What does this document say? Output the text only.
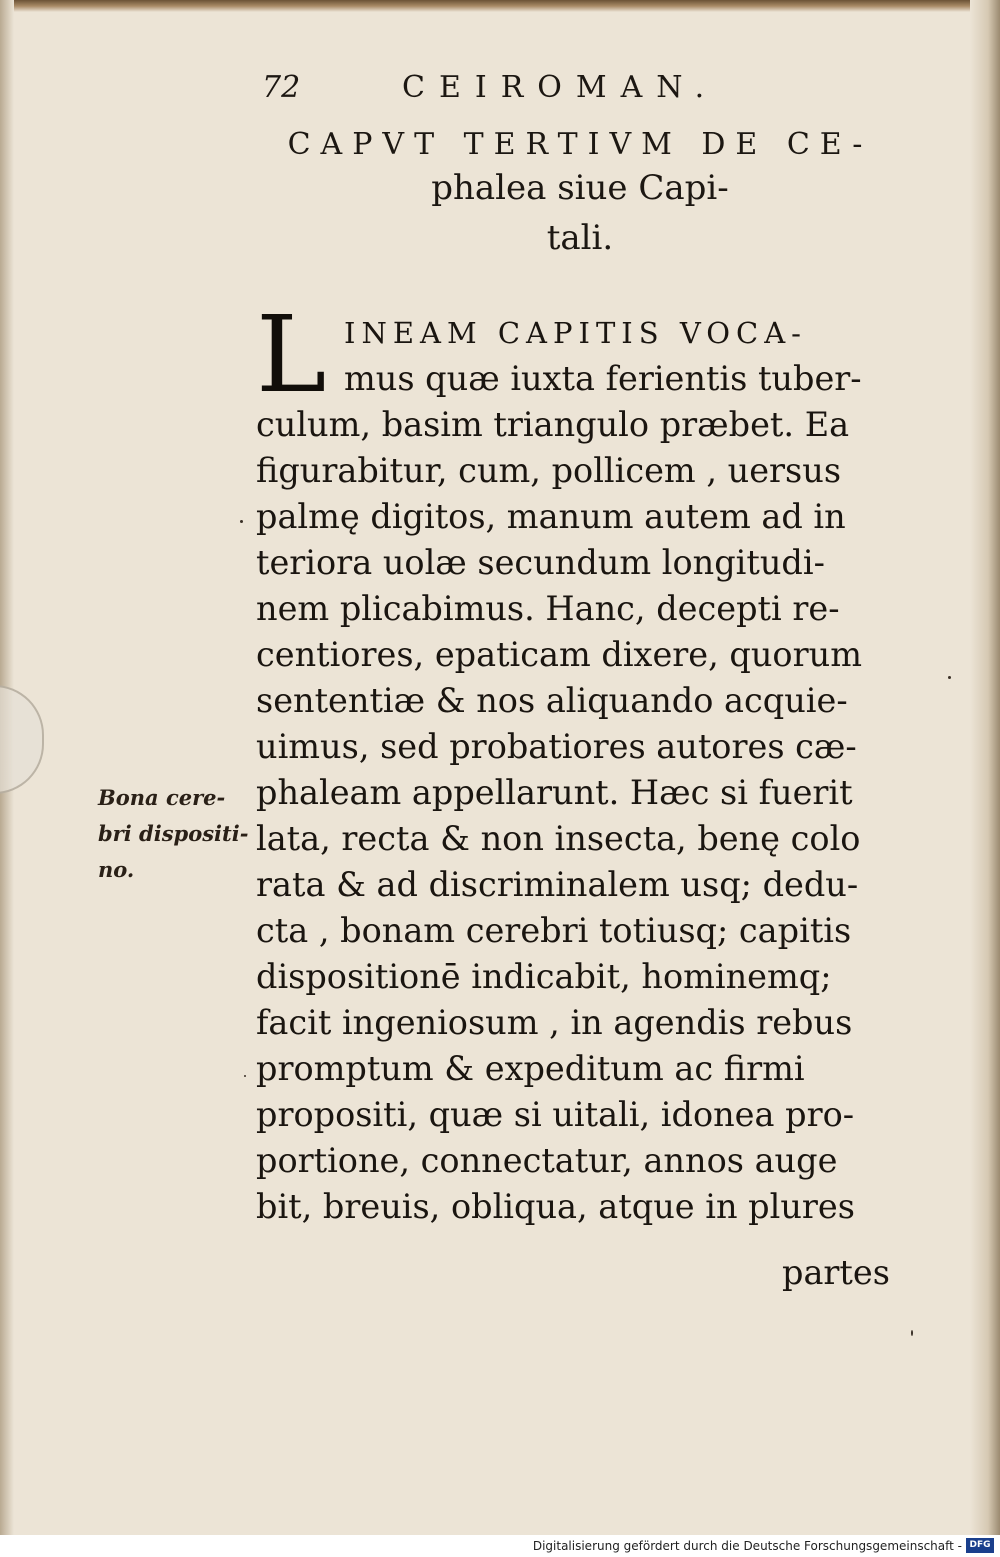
72	CEIROMAN.
CAPVT TERTIVM DE CE-
phalea siue Capi-
tali.
Bona cere-
bri dispositi-
no.
L INEAM CAPITIS VOCA-
mus quæ iuxta ferientis tuber-
culum, basim triangulo præbet. Ea
figurabitur, cum, pollicem , uersus
palmę digitos, manum autem ad in
teriora uolæ secundum longitudi-
nem plicabimus. Hanc, decepti re-
centiores, epaticam dixere, quorum
sententiæ & nos aliquando acquie-
uimus, sed probatiores autores cæ-
phaleam appellarunt. Hæc si fuerit
lata, recta & non insecta, benę colo
rata & ad discriminalem usq; dedu-
cta , bonam cerebri totiusq; capitis
dispositionē indicabit, hominemq;
facit ingeniosum , in agendis rebus
promptum & expeditum ac firmi
propositi, quæ si uitali, idonea pro-
portione, connectatur, annos auge
bit, breuis, obliqua, atque in plures
partes
Digitalisierung gefördert durch die Deutsche Forschungsgemeinschaft - DFG
